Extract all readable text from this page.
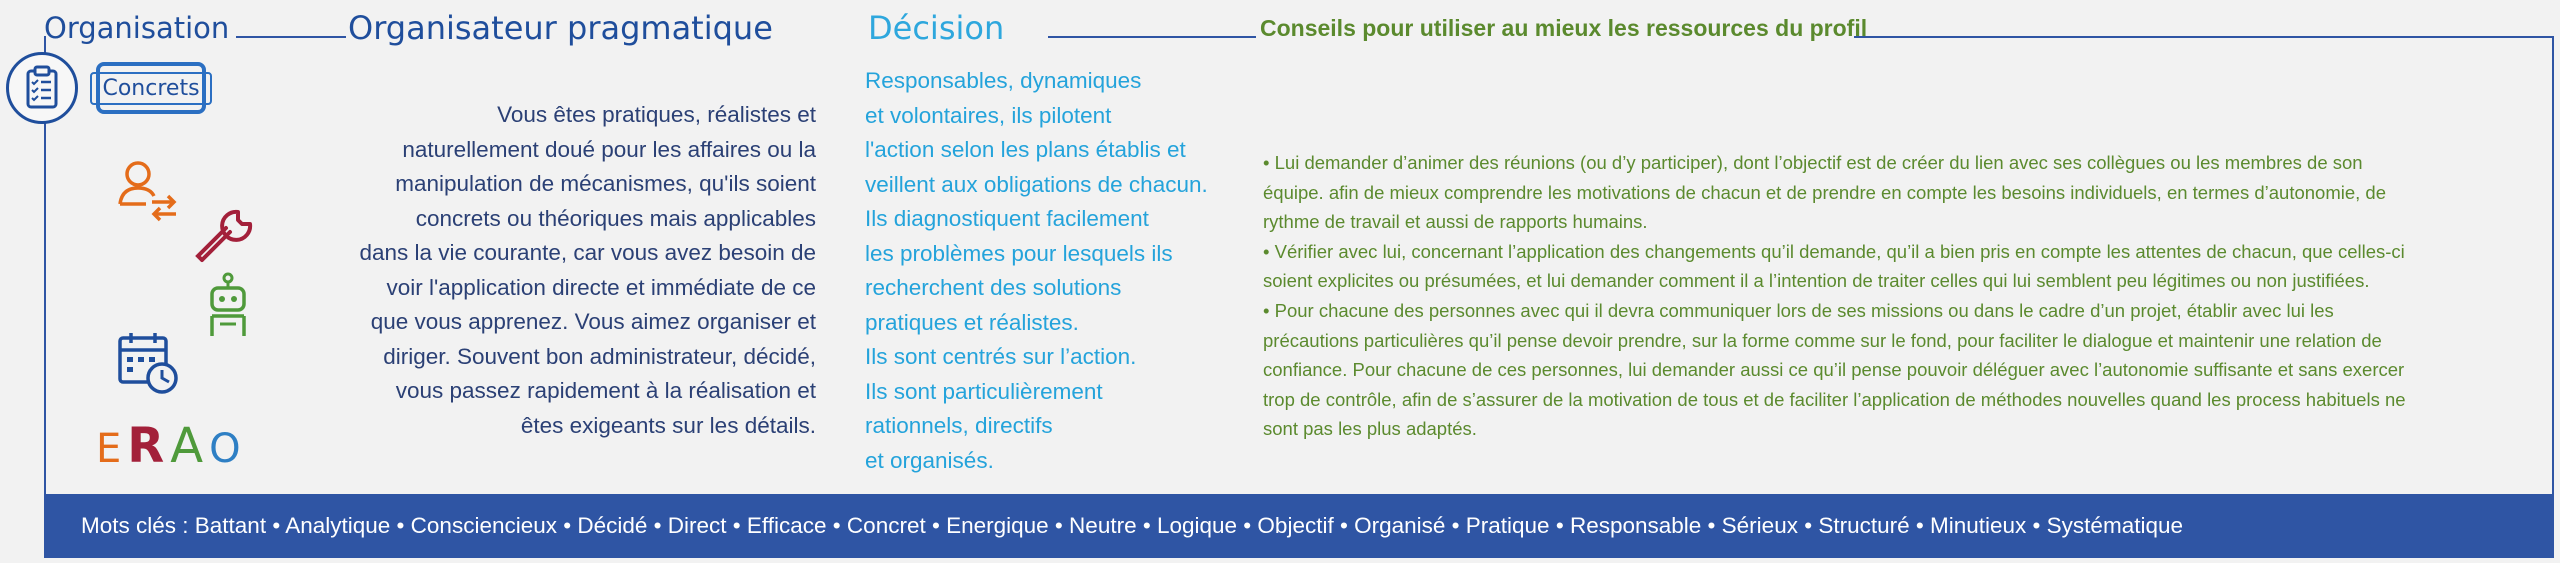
Organisation	Organisateur pragmatique	Décision	Conseils pour utiliser au mieux les ressources du profil
Concrets
ERAO
Vous êtes pratiques, réalistes et
naturellement doué pour les affaires ou la
manipulation de mécanismes, qu'ils soient
concrets ou théoriques mais applicables
dans la vie courante, car vous avez besoin de
voir l'application directe et immédiate de ce
que vous apprenez. Vous aimez organiser et
diriger. Souvent bon administrateur, décidé,
vous passez rapidement à la réalisation et
êtes exigeants sur les détails.
Responsables, dynamiques
et volontaires, ils pilotent
l'action selon les plans établis et
veillent aux obligations de chacun.
Ils diagnostiquent facilement
les problèmes pour lesquels ils
recherchent des solutions
pratiques et réalistes.
Ils sont centrés sur l’action.
Ils sont particulièrement
rationnels, directifs
et organisés.

• Lui demander d’animer des réunions (ou d’y participer), dont l’objectif est de créer du lien avec ses collègues ou les membres de son

équipe. afin de mieux comprendre les motivations de chacun et de prendre en compte les besoins individuels, en termes d’autonomie, de

rythme de travail et aussi de rapports humains.

• Vérifier avec lui, concernant l’application des changements qu’il demande, qu’il a bien pris en compte les attentes de chacun, que celles-ci

soient explicites ou présumées, et lui demander comment il a l’intention de traiter celles qui lui semblent peu légitimes ou non justifiées.

• Pour chacune des personnes avec qui il devra communiquer lors de ses missions ou dans le cadre d’un projet, établir avec lui les

précautions particulières qu’il pense devoir prendre, sur la forme comme sur le fond, pour faciliter le dialogue et maintenir une relation de

confiance. Pour chacune de ces personnes, lui demander aussi ce qu’il pense pouvoir déléguer avec l’autonomie suffisante et sans exercer

trop de contrôle, afin de s’assurer de la motivation de tous et de faciliter l’application de méthodes nouvelles quand les process habituels ne

sont pas les plus adaptés.

Mots clés : Battant • Analytique • Consciencieux • Décidé • Direct • Efficace • Concret • Energique • Neutre • Logique • Objectif • Organisé • Pratique • Responsable • Sérieux • Structuré • Minutieux • Systématique
